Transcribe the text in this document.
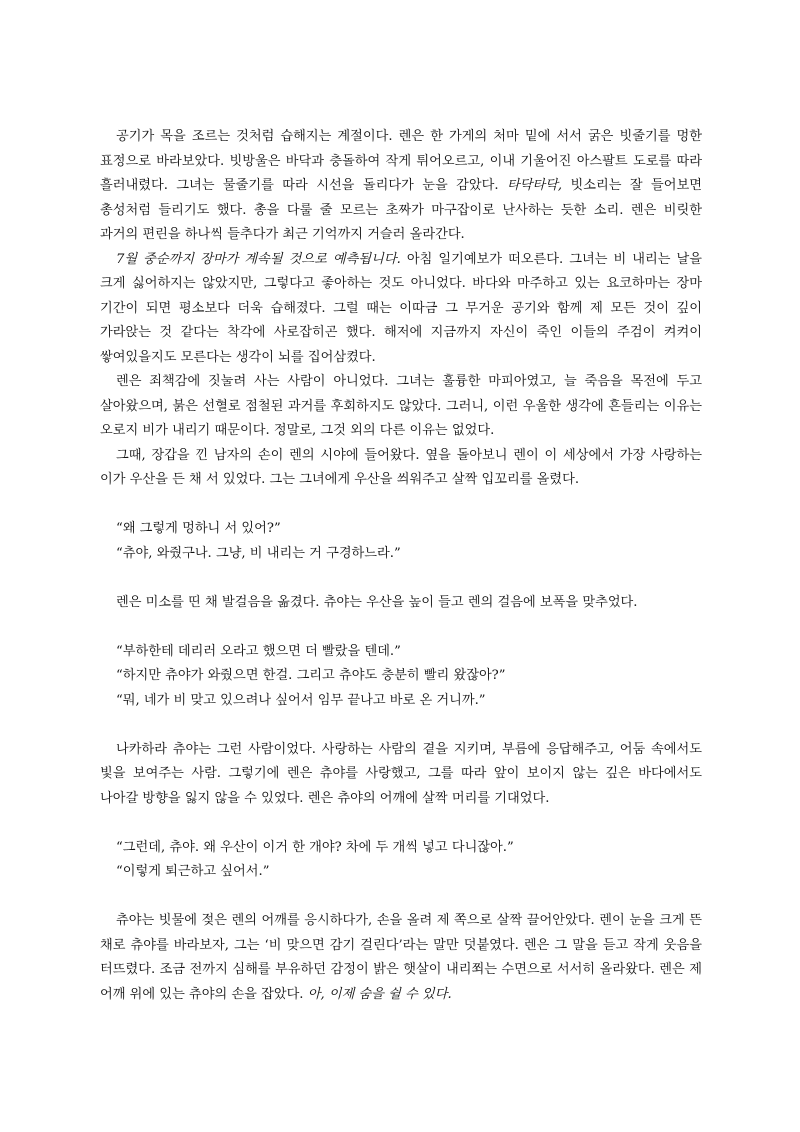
공기가 목을 조르는 것처럼 습해지는 계절이다. 렌은 한 가게의 처마 밑에 서서 굵은 빗줄기를 멍한 표정으로 바라보았다. 빗방울은 바닥과 충돌하여 작게 튀어오르고, 이내 기울어진 아스팔트 도로를 따라 흘러내렸다. 그녀는 물줄기를 따라 시선을 돌리다가 눈을 감았다. 타닥타닥, 빗소리는 잘 들어보면 총성처럼 들리기도 했다. 총을 다룰 줄 모르는 초짜가 마구잡이로 난사하는 듯한 소리. 렌은 비릿한 과거의 편린을 하나씩 들추다가 최근 기억까지 거슬러 올라간다.

7월 중순까지 장마가 계속될 것으로 예측됩니다. 아침 일기예보가 떠오른다. 그녀는 비 내리는 날을 크게 싫어하지는 않았지만, 그렇다고 좋아하는 것도 아니었다. 바다와 마주하고 있는 요코하마는 장마 기간이 되면 평소보다 더욱 습해졌다. 그럴 때는 이따금 그 무거운 공기와 함께 제 모든 것이 깊이 가라앉는 것 같다는 착각에 사로잡히곤 했다. 해저에 지금까지 자신이 죽인 이들의 주검이 켜켜이 쌓여있을지도 모른다는 생각이 뇌를 집어삼켰다.

렌은 죄책감에 짓눌려 사는 사람이 아니었다. 그녀는 훌륭한 마피아였고, 늘 죽음을 목전에 두고 살아왔으며, 붉은 선혈로 점철된 과거를 후회하지도 않았다. 그러니, 이런 우울한 생각에 흔들리는 이유는 오로지 비가 내리기 때문이다. 정말로, 그것 외의 다른 이유는 없었다.

그때, 장갑을 낀 남자의 손이 렌의 시야에 들어왔다. 옆을 돌아보니 렌이 이 세상에서 가장 사랑하는 이가 우산을 든 채 서 있었다. 그는 그녀에게 우산을 씌워주고 살짝 입꼬리를 올렸다.

“왜 그렇게 멍하니 서 있어?”

“츄야, 와줬구나. 그냥, 비 내리는 거 구경하느라.”

렌은 미소를 띤 채 발걸음을 옮겼다. 츄야는 우산을 높이 들고 렌의 걸음에 보폭을 맞추었다.

“부하한테 데리러 오라고 했으면 더 빨랐을 텐데.”

“하지만 츄야가 와줬으면 한걸. 그리고 츄야도 충분히 빨리 왔잖아?”

“뭐, 네가 비 맞고 있으려나 싶어서 임무 끝나고 바로 온 거니까.”

나카하라 츄야는 그런 사람이었다. 사랑하는 사람의 곁을 지키며, 부름에 응답해주고, 어둠 속에서도 빛을 보여주는 사람. 그렇기에 렌은 츄야를 사랑했고, 그를 따라 앞이 보이지 않는 깊은 바다에서도 나아갈 방향을 잃지 않을 수 있었다. 렌은 츄야의 어깨에 살짝 머리를 기대었다.

“그런데, 츄야. 왜 우산이 이거 한 개야? 차에 두 개씩 넣고 다니잖아.”

“이렇게 퇴근하고 싶어서.”

츄야는 빗물에 젖은 렌의 어깨를 응시하다가, 손을 올려 제 쪽으로 살짝 끌어안았다. 렌이 눈을 크게 뜬 채로 츄야를 바라보자, 그는 ‘비 맞으면 감기 걸린다’라는 말만 덧붙였다. 렌은 그 말을 듣고 작게 웃음을 터뜨렸다. 조금 전까지 심해를 부유하던 감정이 밝은 햇살이 내리쬐는 수면으로 서서히 올라왔다. 렌은 제 어깨 위에 있는 츄야의 손을 잡았다. 아, 이제 숨을 쉴 수 있다.
